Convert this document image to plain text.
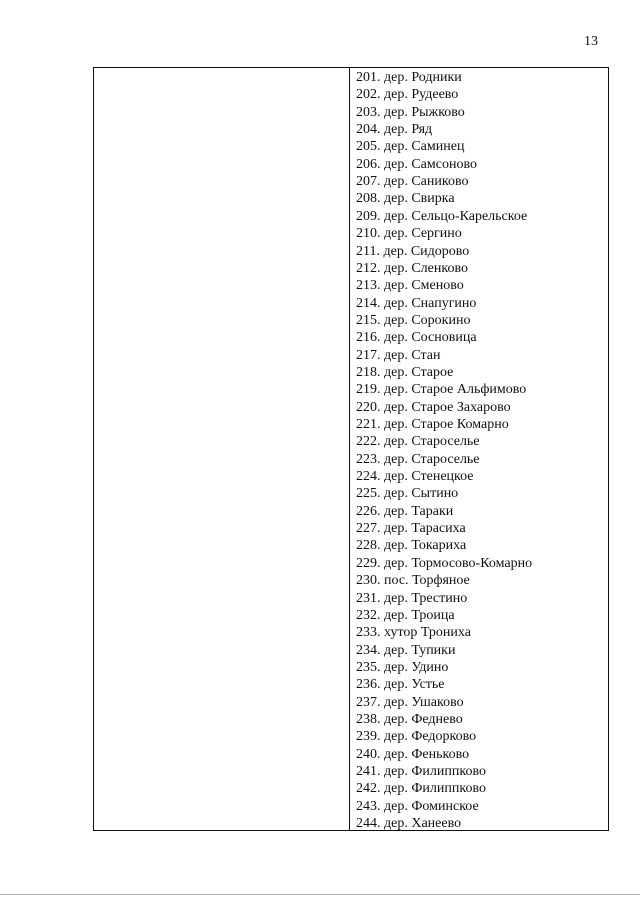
13
201. дер. Родники
202. дер. Рудеево
203. дер. Рыжково
204. дер. Ряд
205. дер. Саминец
206. дер. Самсоново
207. дер. Саниково
208. дер. Свирка
209. дер. Сельцо-Карельское
210. дер. Сергино
211. дер. Сидорово
212. дер. Сленково
213. дер. Сменово
214. дер. Снапугино
215. дер. Сорокино
216. дер. Сосновица
217. дер. Стан
218. дер. Старое
219. дер. Старое Альфимово
220. дер. Старое Захарово
221. дер. Старое Комарно
222. дер. Староселье
223. дер. Староселье
224. дер. Стенецкое
225. дер. Сытино
226. дер. Тараки
227. дер. Тарасиха
228. дер. Токариха
229. дер. Тормосово-Комарно
230. пос. Торфяное
231. дер. Трестино
232. дер. Троица
233. хутор Трониха
234. дер. Тупики
235. дер. Удино
236. дер. Устье
237. дер. Ушаково
238. дер. Феднево
239. дер. Федорково
240. дер. Феньково
241. дер. Филиппково
242. дер. Филиппково
243. дер. Фоминское
244. дер. Ханеево
